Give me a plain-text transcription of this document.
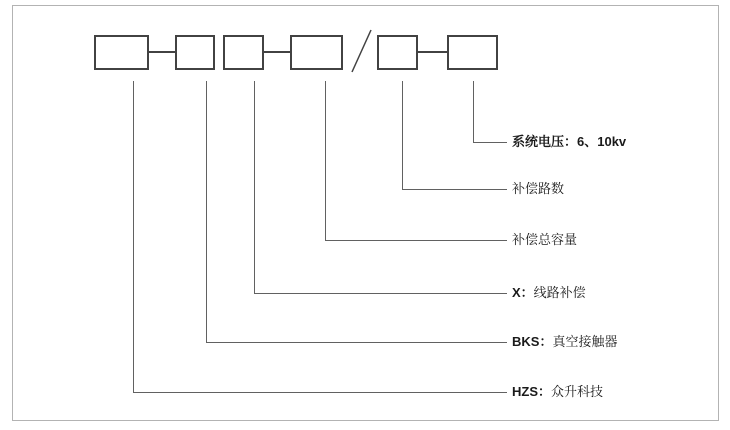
系统电压：6、10kv
补偿路数
补偿总容量
X：线路补偿
BKS：真空接触器
HZS：众升科技
